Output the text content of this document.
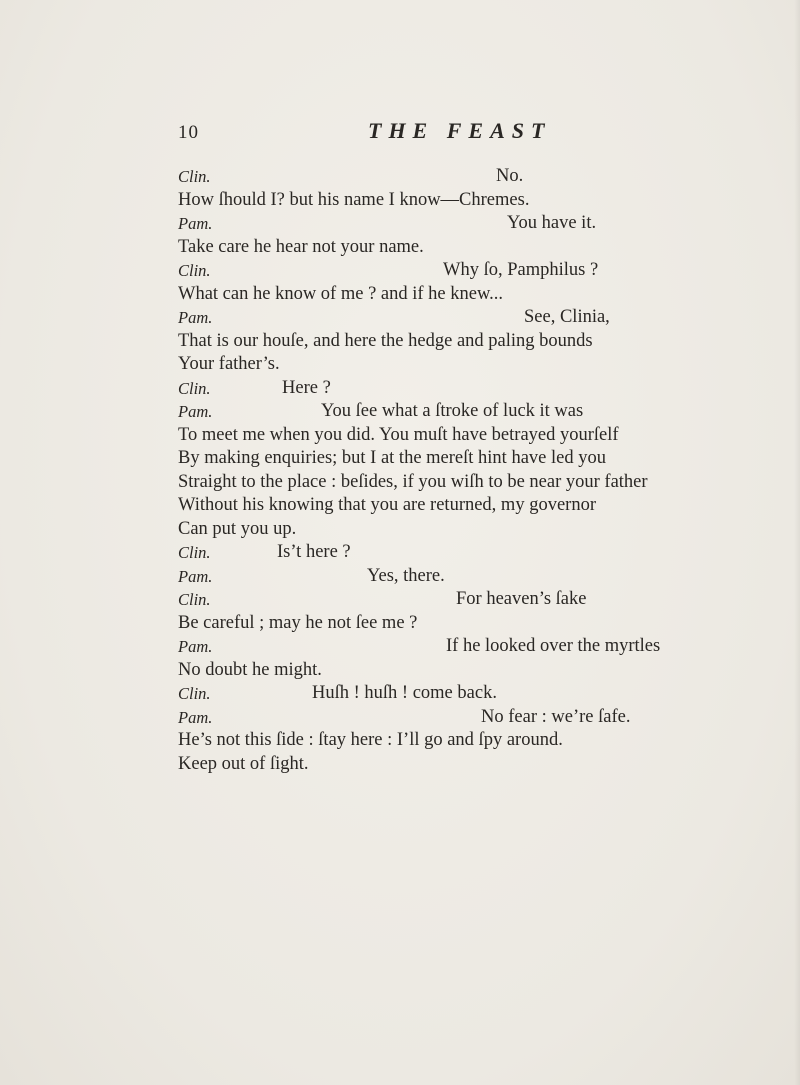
10	THE FEAST
Clin.	No.
How ſhould I? but his name I know—Chremes.
Pam.	You have it.
Take care he hear not your name.
Clin.	Why ſo, Pamphilus ?
What can he know of me ? and if he knew...
Pam.	See, Clinia,
That is our houſe, and here the hedge and paling bounds
Your father’s.
Clin.	Here ?
Pam.	You ſee what a ſtroke of luck it was
To meet me when you did. You muſt have betrayed yourſelf
By making enquiries; but I at the mereſt hint have led you
Straight to the place : beſides, if you wiſh to be near your father
Without his knowing that you are returned, my governor
Can put you up.
Clin.	Is’t here ?
Pam.	Yes, there.
Clin.	For heaven’s ſake
Be careful ; may he not ſee me ?
Pam.	If he looked over the myrtles
No doubt he might.
Clin.	Huſh ! huſh ! come back.
Pam.	No fear : we’re ſafe.
He’s not this ſide : ſtay here : I’ll go and ſpy around.
Keep out of ſight.
